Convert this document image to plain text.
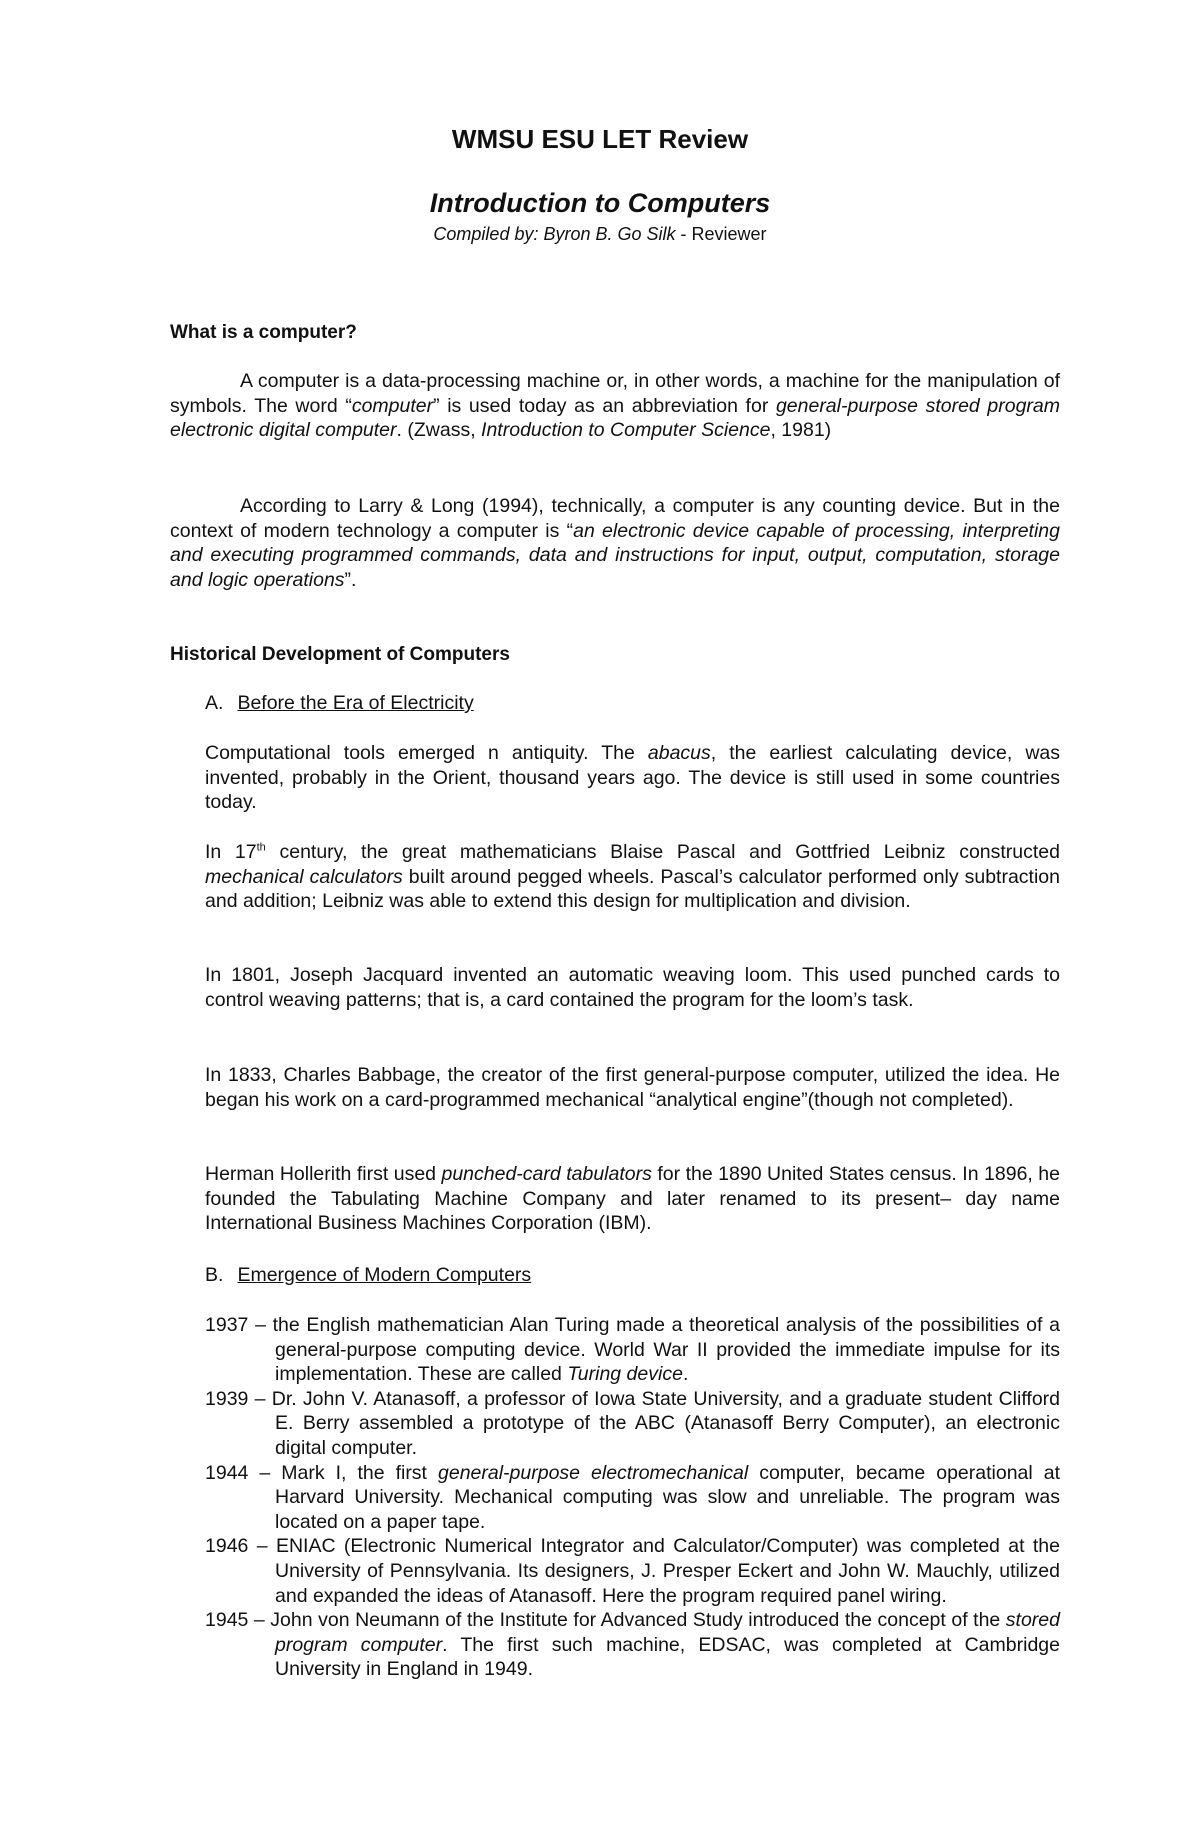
WMSU ESU LET Review
Introduction to Computers
Compiled by: Byron B. Go Silk - Reviewer
What is a computer?
A computer is a data-processing machine or, in other words, a machine for the manipulation of symbols. The word “computer” is used today as an abbreviation for general-purpose stored program electronic digital computer. (Zwass, Introduction to Computer Science, 1981)
According to Larry & Long (1994), technically, a computer is any counting device. But in the context of modern technology a computer is “an electronic device capable of processing, interpreting and executing programmed commands, data and instructions for input, output, computation, storage and logic operations”.
Historical Development of Computers
A. Before the Era of Electricity
Computational tools emerged n antiquity. The abacus, the earliest calculating device, was invented, probably in the Orient, thousand years ago. The device is still used in some countries today.
In 17th century, the great mathematicians Blaise Pascal and Gottfried Leibniz constructed mechanical calculators built around pegged wheels. Pascal’s calculator performed only subtraction and addition; Leibniz was able to extend this design for multiplication and division.
In 1801, Joseph Jacquard invented an automatic weaving loom. This used punched cards to control weaving patterns; that is, a card contained the program for the loom’s task.
In 1833, Charles Babbage, the creator of the first general-purpose computer, utilized the idea. He began his work on a card-programmed mechanical “analytical engine”(though not completed).
Herman Hollerith first used punched-card tabulators for the 1890 United States census. In 1896, he founded the Tabulating Machine Company and later renamed to its present– day name International Business Machines Corporation (IBM).
B. Emergence of Modern Computers
1937 – the English mathematician Alan Turing made a theoretical analysis of the possibilities of a general-purpose computing device. World War II provided the immediate impulse for its implementation. These are called Turing device.
1939 – Dr. John V. Atanasoff, a professor of Iowa State University, and a graduate student Clifford E. Berry assembled a prototype of the ABC (Atanasoff Berry Computer), an electronic digital computer.
1944 – Mark I, the first general-purpose electromechanical computer, became operational at Harvard University. Mechanical computing was slow and unreliable. The program was located on a paper tape.
1946 – ENIAC (Electronic Numerical Integrator and Calculator/Computer) was completed at the University of Pennsylvania. Its designers, J. Presper Eckert and John W. Mauchly, utilized and expanded the ideas of Atanasoff. Here the program required panel wiring.
1945 – John von Neumann of the Institute for Advanced Study introduced the concept of the stored program computer. The first such machine, EDSAC, was completed at Cambridge University in England in 1949.
